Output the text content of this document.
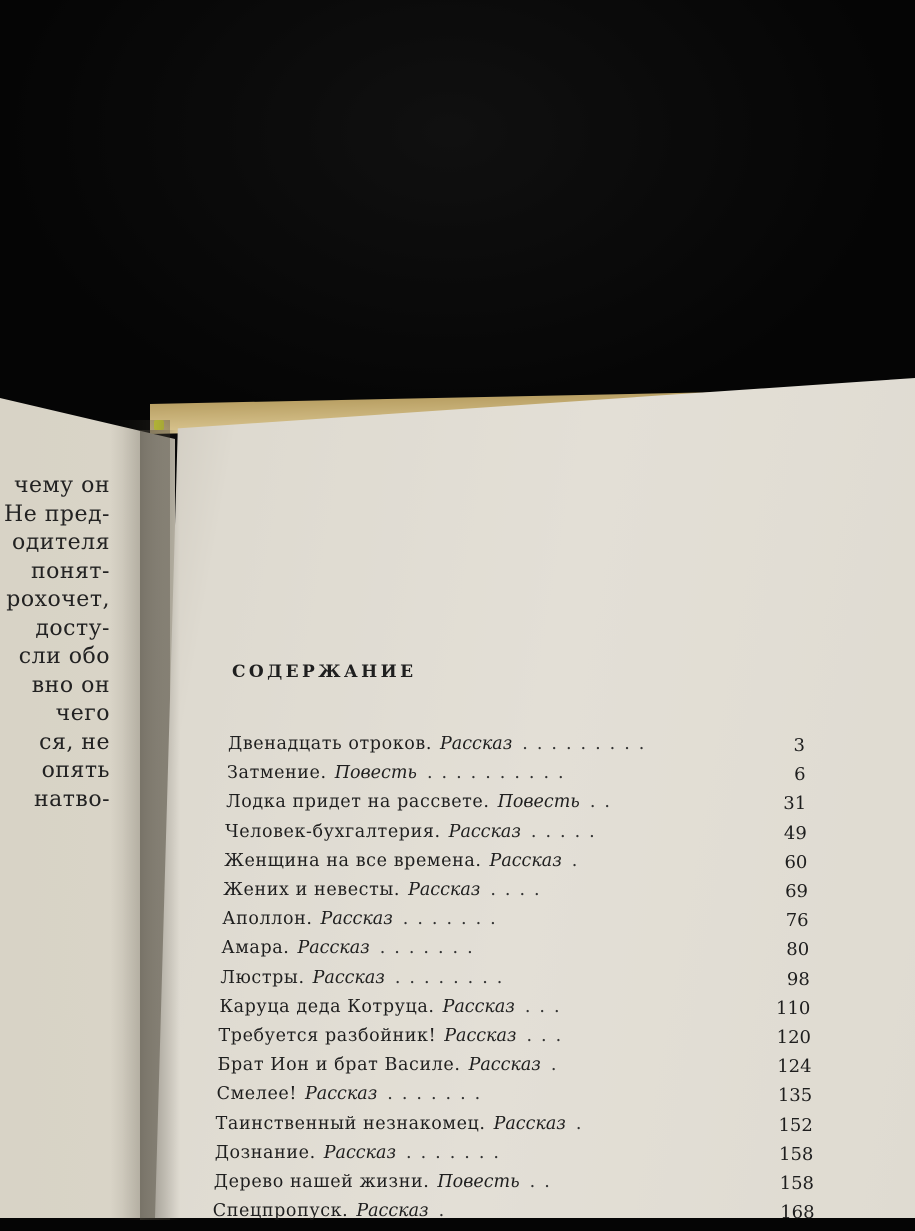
чему он
Не пред-
одителя
понят-
рохочет,
досту-
сли обо
вно он
чего
ся, не
опять
натво-
СОДЕРЖАНИЕ
Двенадцать отроков. Рассказ .........	3
Затмение. Повесть ..........	6
Лодка придет на рассвете. Повесть ..	31
Человек-бухгалтерия. Рассказ .....	49
Женщина на все времена. Рассказ .	60
Жених и невесты. Рассказ ....	69
Аполлон. Рассказ .......	76
Амара. Рассказ .......	80
Люстры. Рассказ ........	98
Каруца деда Котруца. Рассказ ...	110
Требуется разбойник! Рассказ ...	120
Брат Ион и брат Василе. Рассказ .	124
Смелее! Рассказ .......	135
Таинственный незнакомец. Рассказ .	152
Дознание. Рассказ .......	158
Дерево нашей жизни. Повесть ..	158
Спецпропуск. Рассказ .	168
